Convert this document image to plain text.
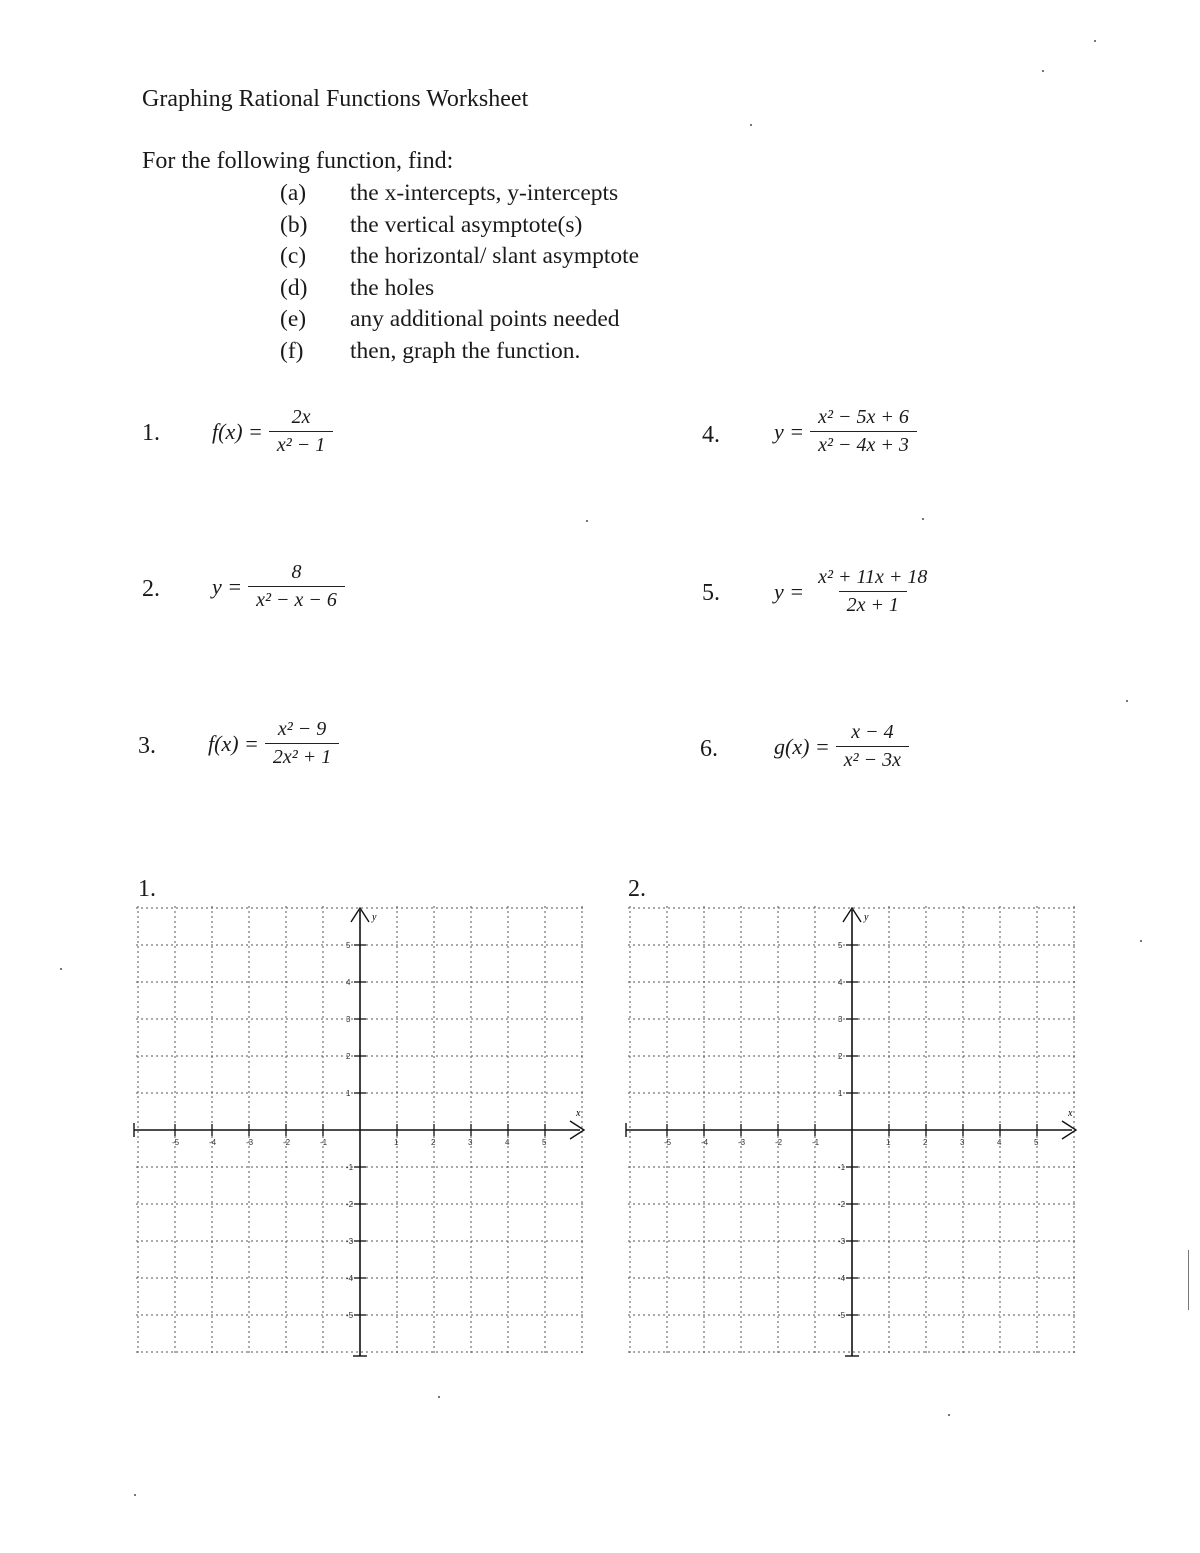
Graphing Rational Functions Worksheet
For the following function, find:
(a)	the x-intercepts, y-intercepts
(b)	the vertical asymptote(s)
(c)	the horizontal/ slant asymptote
(d)	the holes
(e)	any additional points needed
(f)	then, graph the function.
1. $f(x) = \frac{2x}{\text{x² − 1}}$
2. $y = \frac{8}{\text{x² − x − 6}}$
3. $f(x) = \frac{\text{x² − 9}}{\text{2x² + 1}}$
4. $y = \frac{\text{x² − 5x + 6}}{\text{x² − 4x + 3}}$
5. $y = \frac{\text{x² + 11x + 18}}{2x + 1}$
6.	$g(x) = \frac{x - 4}{\text{x² − 3x}}$
1.
x
y
-5	-4	-3	-2	-1	1	2	3	4	5
5
4
3
2
1
-1
-2
-3
-4
-5
2.
x
y
-5	-4	-3	-2	-1	1	2	3	4	5
5
4
3
2
1
-1
-2
-3
-4
-5
